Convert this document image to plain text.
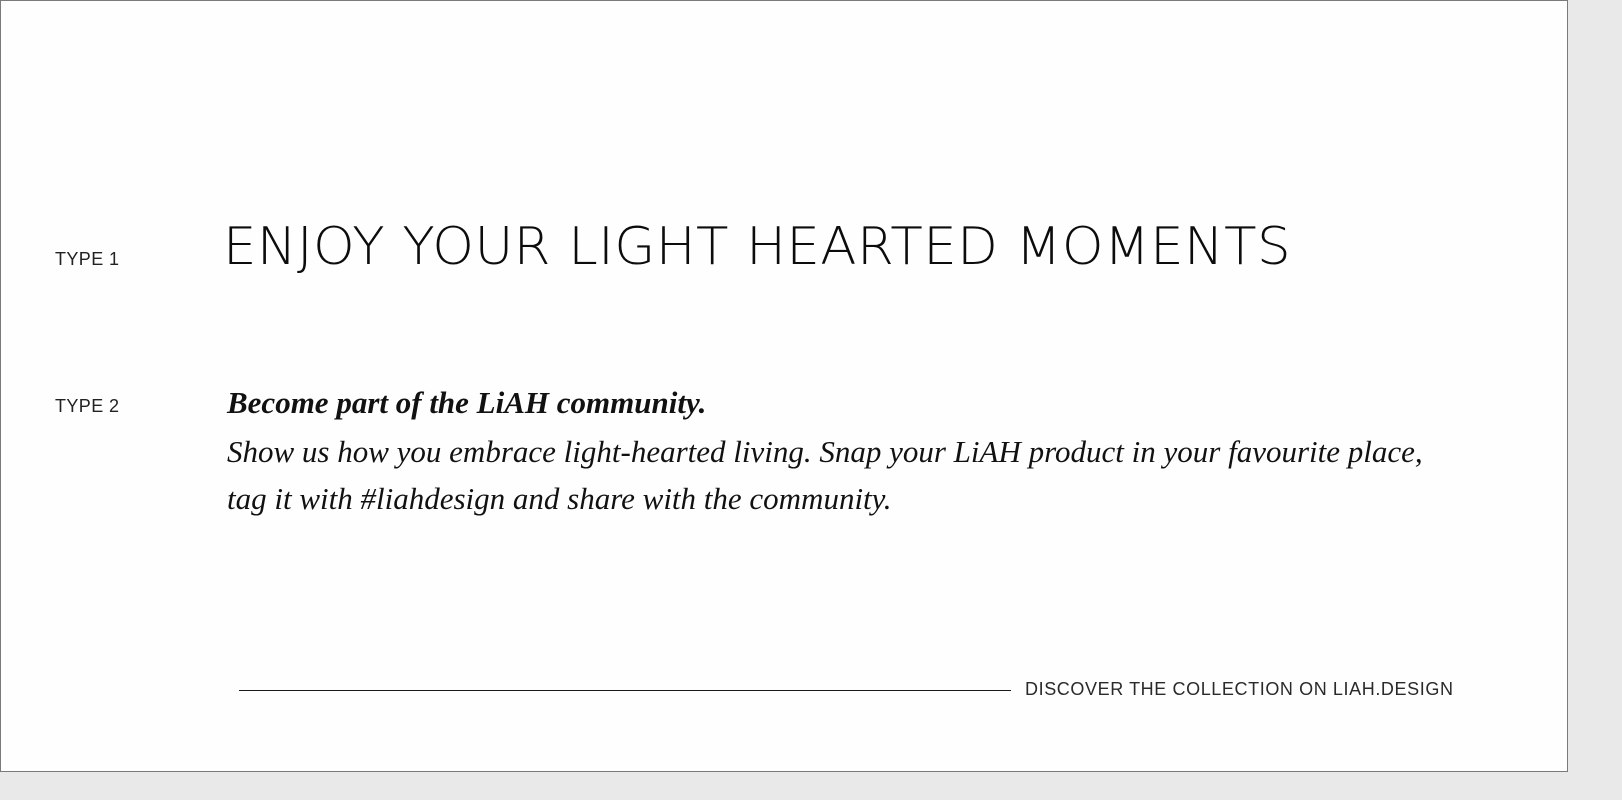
TYPE 1 ENJOY YOUR LIGHT HEARTED MOMENTS
TYPE 2	Become part of the LiAH community.
Show us how you embrace light-hearted living. Snap your LiAH product in your favourite place,
tag it with #liahdesign and share with the community.
DISCOVER THE COLLECTION ON LIAH.DESIGN
